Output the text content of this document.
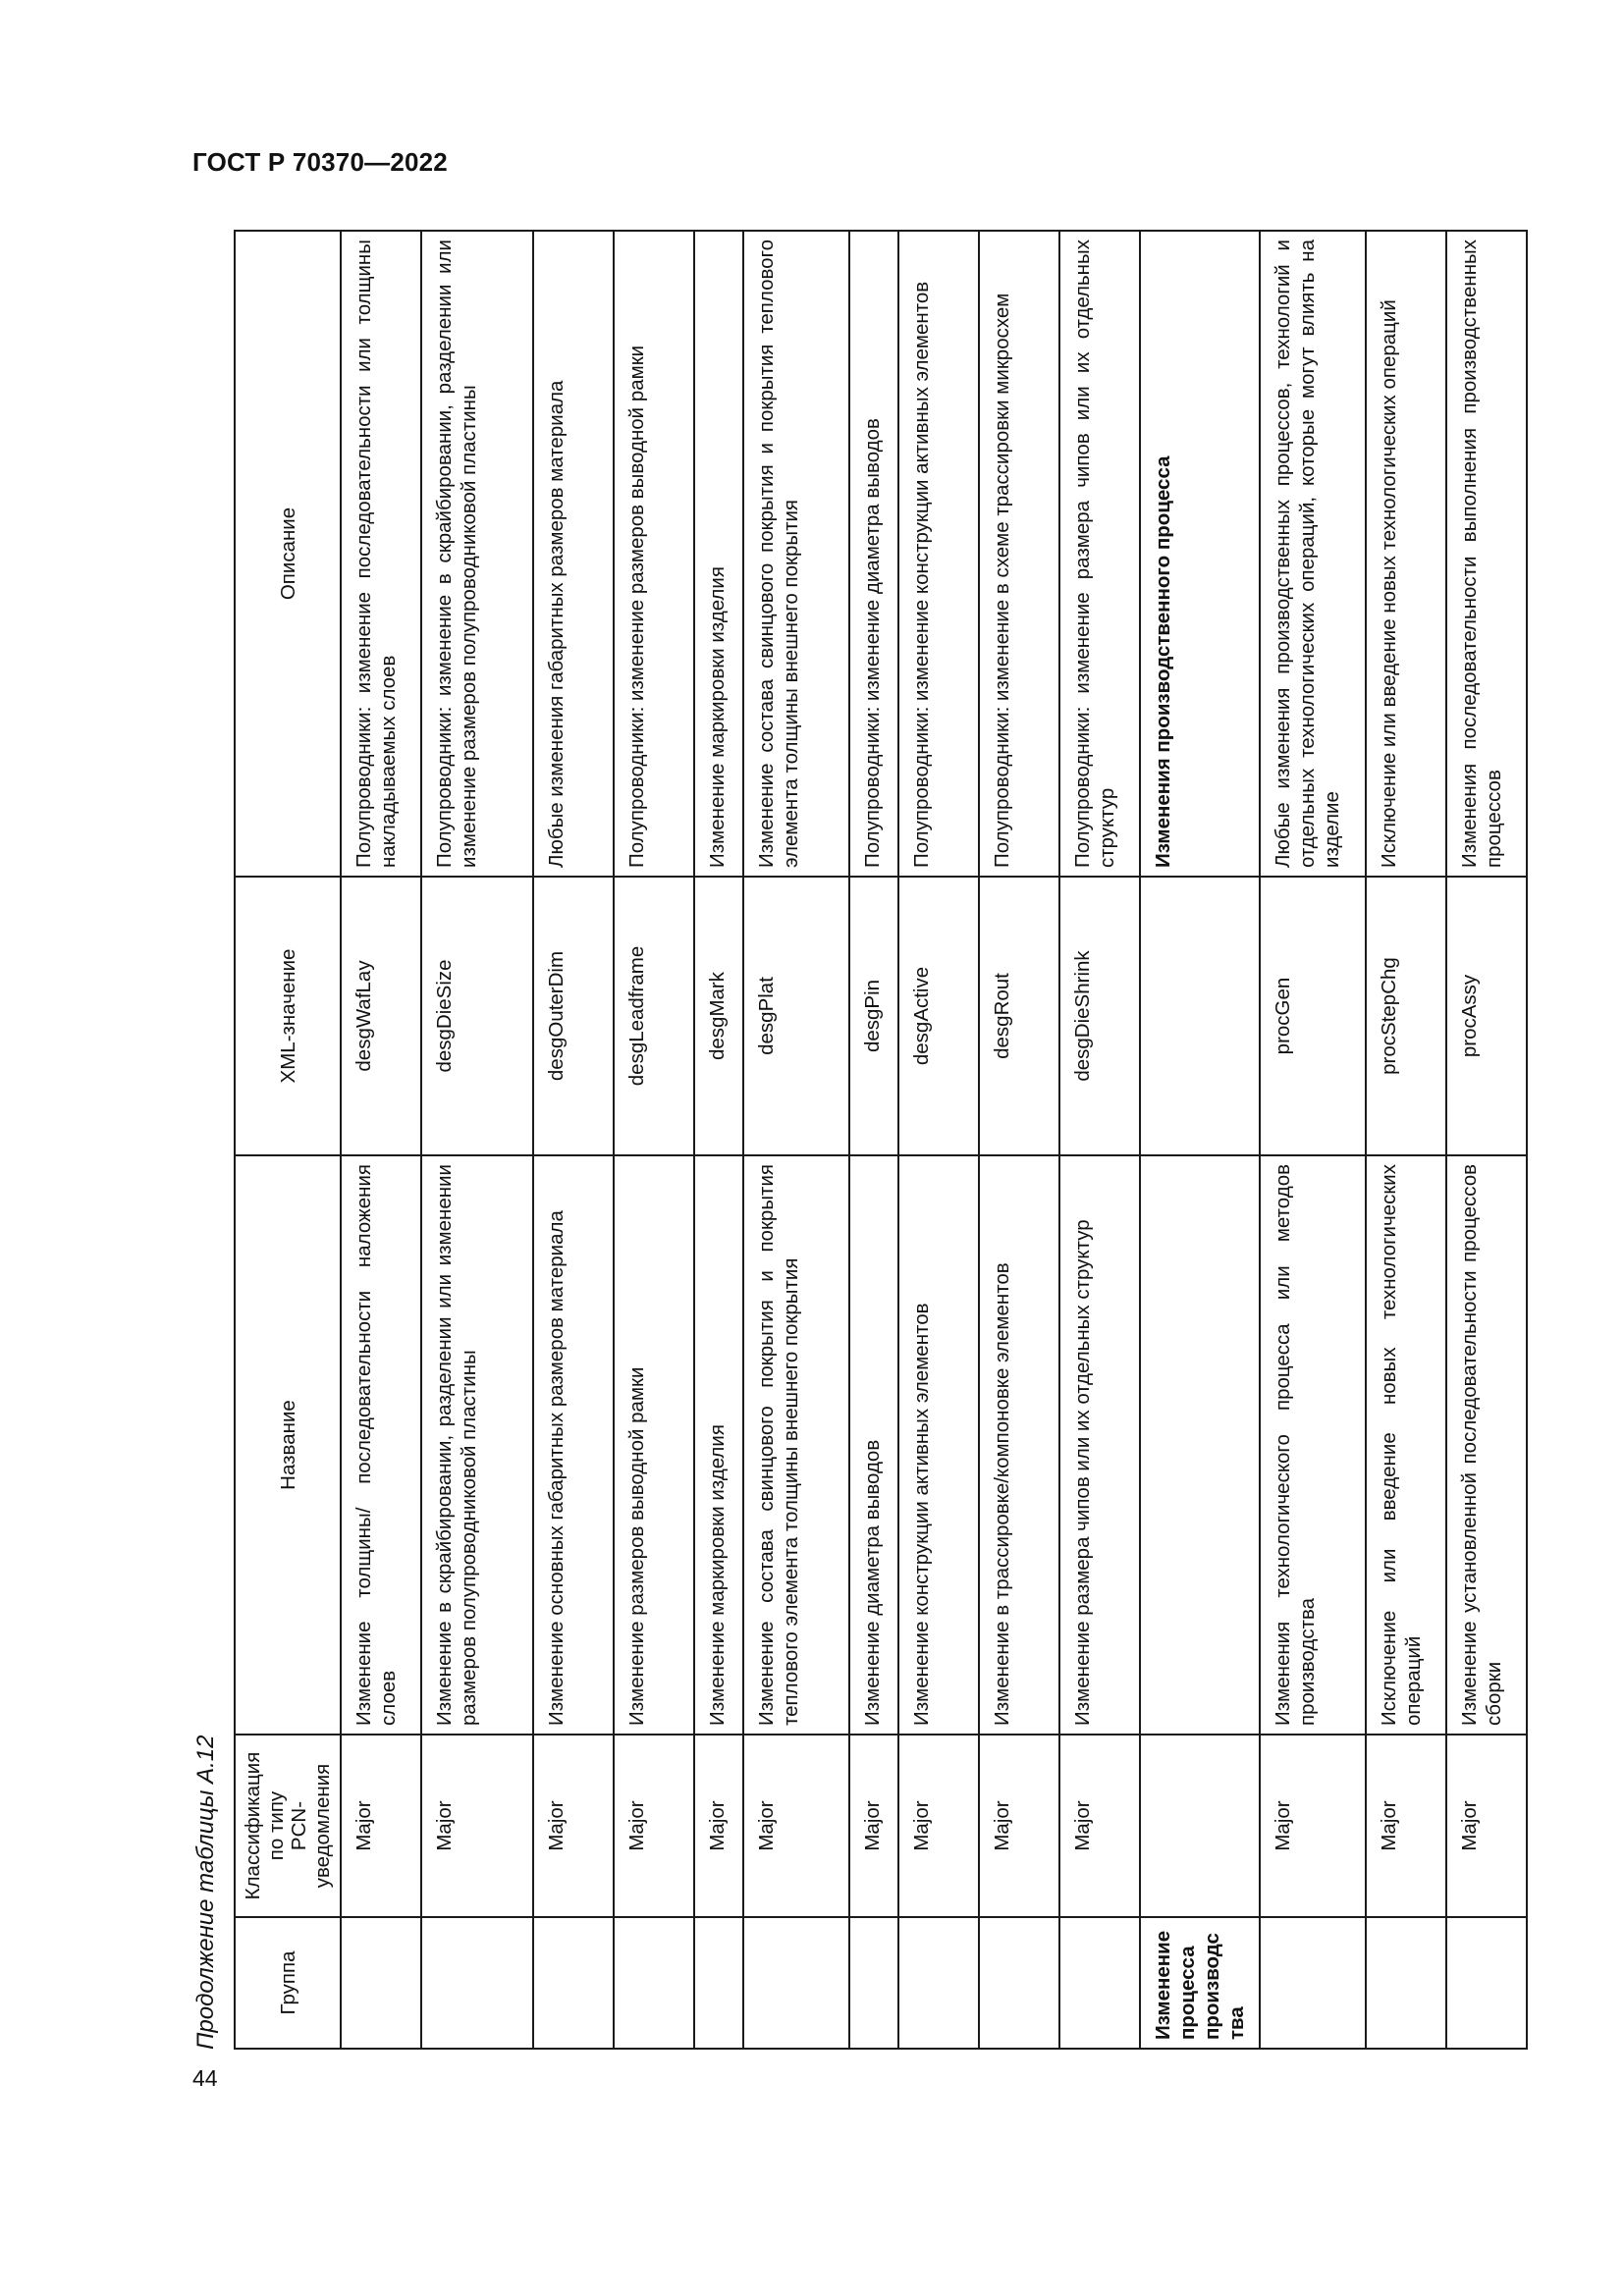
ГОСТ Р 70370—2022
Продолжение таблицы А.12	Группа	Классификация
по типу
PCN-уведомления	Название	XML-значение	Описание
	Major	Изменение толщины/ последовательности наложения слоев	desgWafLay	Полупроводники: изменение последовательности или толщины накладываемых слоев
	Major	Изменение в скрайбировании, разделении или изменении размеров полупроводниковой пластины	desgDieSize	Полупроводники: изменение в скрайбировании, разделении или изменение размеров полупроводниковой пластины
	Major	Изменение основных габаритных размеров материала	desgOuterDim	Любые изменения габаритных размеров материала
	Major	Изменение размеров выводной рамки	desgLeadframe	Полупроводники: изменение размеров выводной рамки
	Major	Изменение маркировки изделия	desgMark	Изменение маркировки изделия
	Major	Изменение состава свинцового покрытия и покрытия теплового элемента толщины внешнего покрытия	desgPlat	Изменение состава свинцового покрытия и покрытия теплового элемента толщины внешнего покрытия
	Major	Изменение диаметра выводов	desgPin	Полупроводники: изменение диаметра выводов
	Major	Изменение конструкции активных элементов	desgActive	Полупроводники: изменение конструкции активных элементов
	Major	Изменение в трассировке/компоновке элементов	desgRout	Полупроводники: изменение в схеме трассировки микросхем
	Major	Изменение размера чипов или их отдельных структур	desgDieShrink	Полупроводники: изменение размера чипов или их отдельных структур
Изменение процесса производства				Изменения производственного процесса
	Major	Изменения технологического процесса или методов производства	procGen	Любые изменения производственных процессов, технологий и отдельных технологических операций, которые могут влиять на изделие
	Major	Исключение или введение новых технологических операций	procStepChg	Исключение или введение новых технологических операций
	Major	Изменение установленной последовательности процессов сборки	procAssy	Изменения последовательности выполнения производственных процессов
44
